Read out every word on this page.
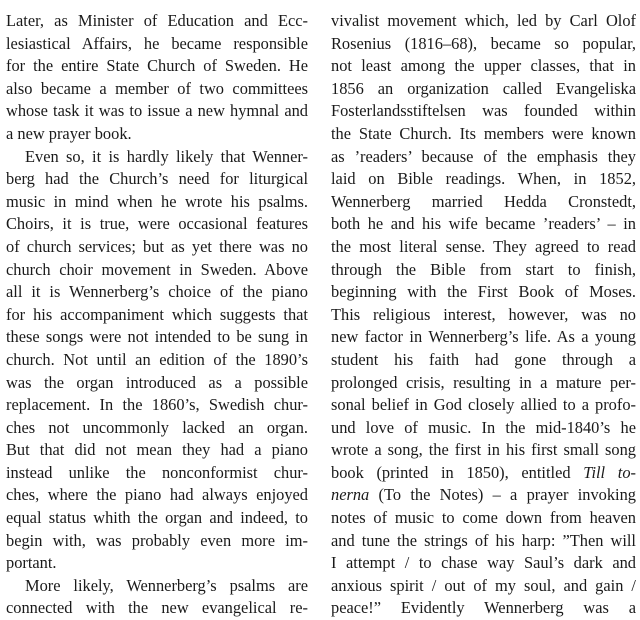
Later, as Minister of Education and Ecc-
lesiastical Affairs, he became responsible
for the entire State Church of Sweden. He
also became a member of two committees
whose task it was to issue a new hymnal and
a new prayer book.
Even so, it is hardly likely that Wenner-
berg had the Church’s need for liturgical
music in mind when he wrote his psalms.
Choirs, it is true, were occasional features
of church services; but as yet there was no
church choir movement in Sweden. Above
all it is Wennerberg’s choice of the piano
for his accompaniment which suggests that
these songs were not intended to be sung in
church. Not until an edition of the 1890’s
was the organ introduced as a possible
replacement. In the 1860’s, Swedish chur-
ches not uncommonly lacked an organ.
But that did not mean they had a piano
instead unlike the nonconformist chur-
ches, where the piano had always enjoyed
equal status whith the organ and indeed, to
begin with, was probably even more im-
portant.
More likely, Wennerberg’s psalms are
connected with the new evangelical re-
vivalist movement which, led by Carl Olof
Rosenius (1816–68), became so popular,
not least among the upper classes, that in
1856 an organization called Evangeliska
Fosterlandsstiftelsen was founded within
the State Church. Its members were known
as ’readers’ because of the emphasis they
laid on Bible readings. When, in 1852,
Wennerberg married Hedda Cronstedt,
both he and his wife became ’readers’ – in
the most literal sense. They agreed to read
through the Bible from start to finish,
beginning with the First Book of Moses.
This religious interest, however, was no
new factor in Wennerberg’s life. As a young
student his faith had gone through a
prolonged crisis, resulting in a mature per-
sonal belief in God closely allied to a profo-
und love of music. In the mid-1840’s he
wrote a song, the first in his first small song
book (printed in 1850), entitled Till to-
nerna (To the Notes) – a prayer invoking
notes of music to come down from heaven
and tune the strings of his harp: ”Then will
I attempt / to chase way Saul’s dark and
anxious spirit / out of my soul, and gain /
peace!” Evidently Wennerberg was a
